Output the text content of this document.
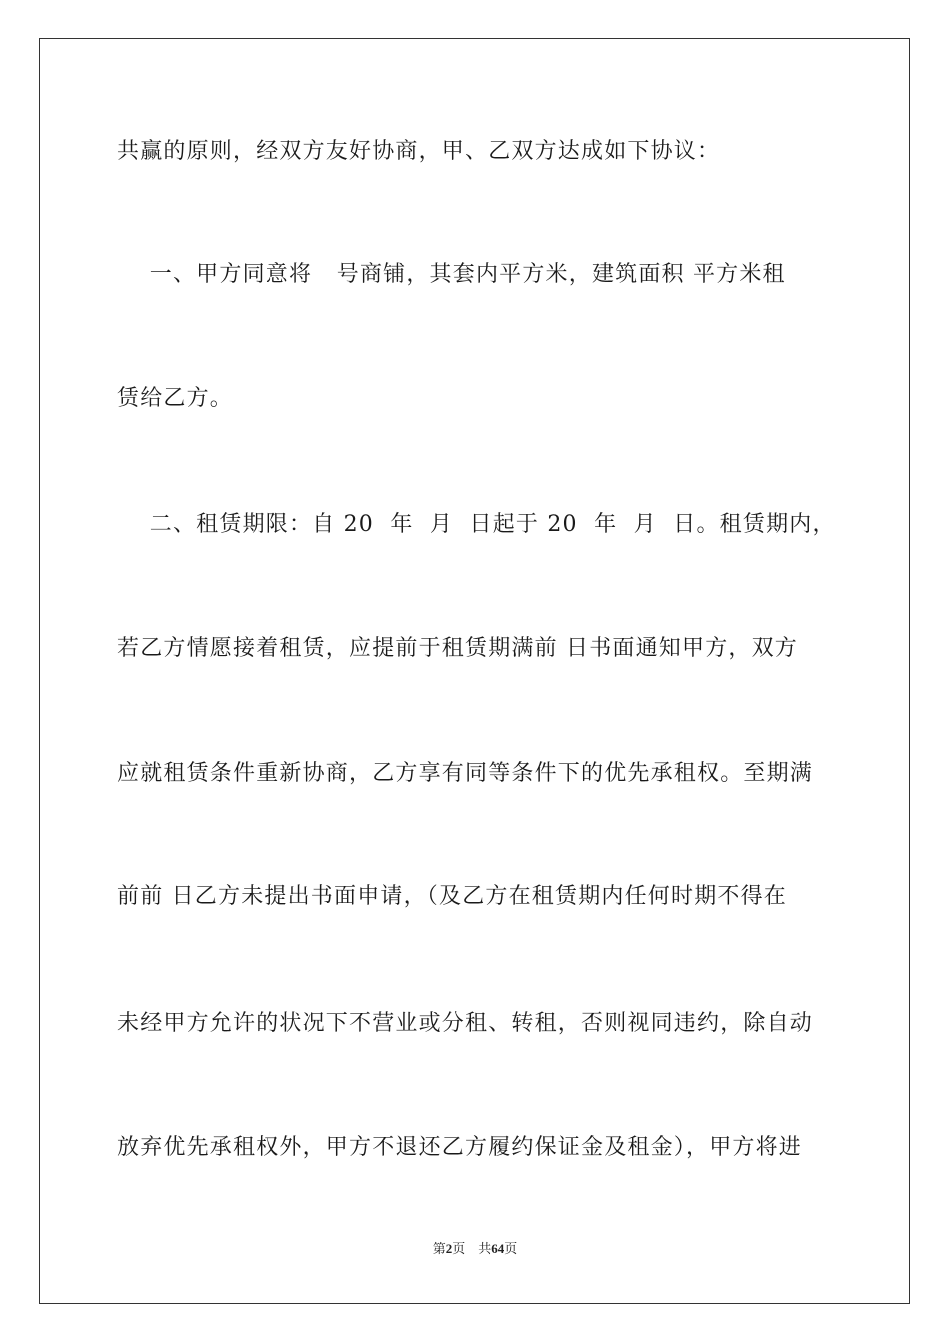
共赢的原则，经双方友好协商，甲、乙双方达成如下协议：
一、甲方同意将   号商铺，其套内平方米，建筑面积 平方米租
赁给乙方。
二、租赁期限：自 20  年  月  日起于 20  年  月  日。租赁期内，
若乙方情愿接着租赁，应提前于租赁期满前 日书面通知甲方，双方
应就租赁条件重新协商，乙方享有同等条件下的优先承租权。至期满
前前 日乙方未提出书面申请，（及乙方在租赁期内任何时期不得在
未经甲方允许的状况下不营业或分租、转租，否则视同违约，除自动
放弃优先承租权外，甲方不退还乙方履约保证金及租金），甲方将进
第2页 共64页
